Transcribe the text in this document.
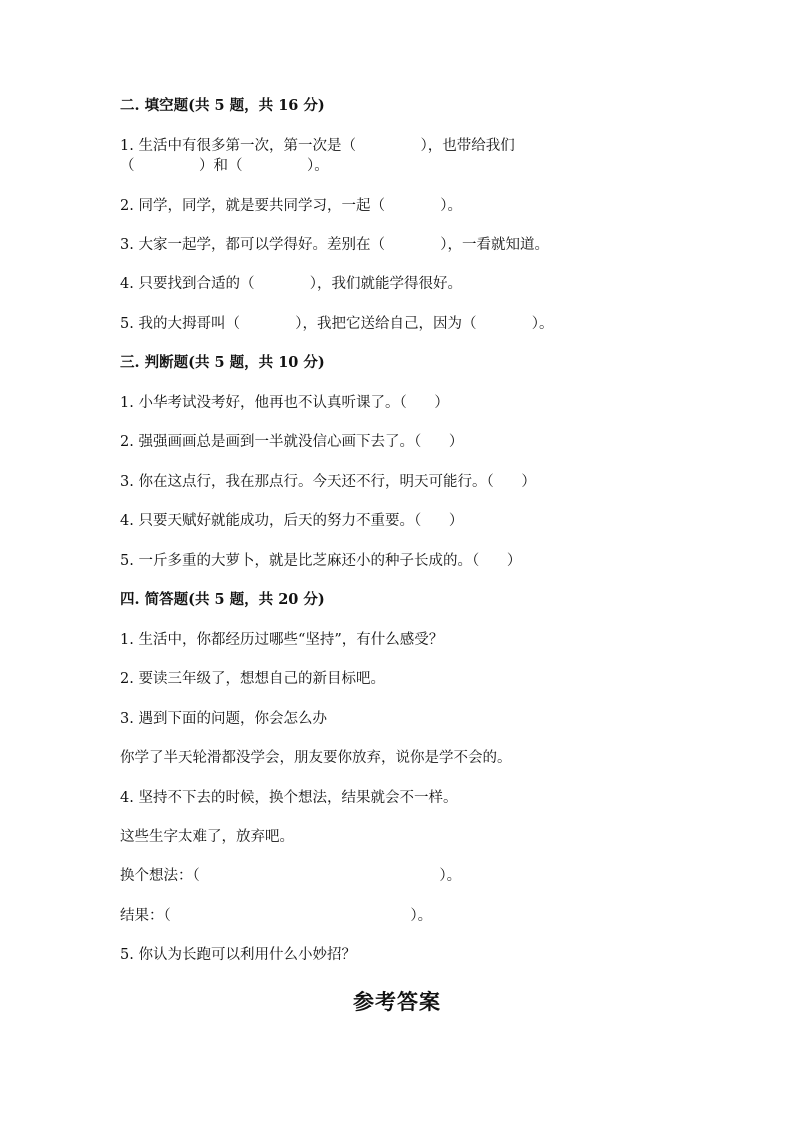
二. 填空题(共 5 题，共 16 分)

1. 生活中有很多第一次，第一次是（              ），也带给我们

（              ）和（              ）。

2. 同学，同学，就是要共同学习，一起（            ）。

3. 大家一起学，都可以学得好。差别在（            ），一看就知道。

4. 只要找到合适的（            ），我们就能学得很好。

5. 我的大拇哥叫（            ），我把它送给自己，因为（            ）。

三. 判断题(共 5 题，共 10 分)

1. 小华考试没考好，他再也不认真听课了。（      ）

2. 强强画画总是画到一半就没信心画下去了。（      ）

3. 你在这点行，我在那点行。今天还不行，明天可能行。（      ）

4. 只要天赋好就能成功，后天的努力不重要。（      ）

5. 一斤多重的大萝卜，就是比芝麻还小的种子长成的。（      ）

四. 简答题(共 5 题，共 20 分)

1. 生活中，你都经历过哪些“坚持”，有什么感受？

2. 要读三年级了，想想自己的新目标吧。

3. 遇到下面的问题，你会怎么办

你学了半天轮滑都没学会，朋友要你放弃，说你是学不会的。

4. 坚持不下去的时候，换个想法，结果就会不一样。

这些生字太难了，放弃吧。

换个想法：（                                                    ）。

结果：（                                                    ）。

5. 你认为长跑可以利用什么小妙招？

参考答案
